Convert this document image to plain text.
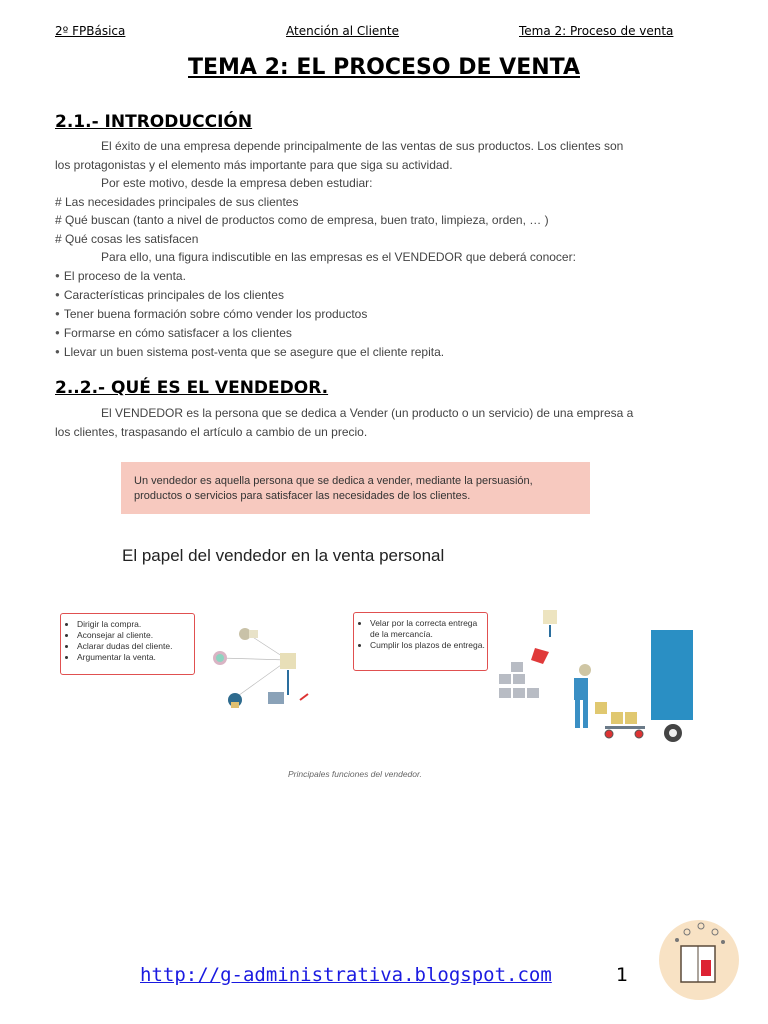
2º FPBásica	Atención al Cliente	Tema 2: Proceso de venta
TEMA 2: EL PROCESO DE VENTA
2.1.- INTRODUCCIÓN
El éxito de una empresa depende principalmente de las ventas de sus productos. Los clientes son
los protagonistas y el elemento más importante para que siga su actividad.
Por este motivo, desde la empresa deben estudiar:
# Las necesidades principales de sus clientes
# Qué buscan (tanto a nivel de productos como de empresa, buen trato, limpieza, orden, … )
# Qué cosas les satisfacen
Para ello, una figura indiscutible en las empresas es el VENDEDOR que deberá conocer:
● El proceso de la venta.
● Características principales de los clientes
● Tener buena formación sobre cómo vender los productos
● Formarse en cómo satisfacer a los clientes
● Llevar un buen sistema post-venta que se asegure que el cliente repita.
2..2.- QUÉ ES EL VENDEDOR.
El VENDEDOR es la persona que se dedica a Vender (un producto o un servicio) de una empresa a
los clientes, traspasando el artículo a cambio de un precio.
Un vendedor es aquella persona que se dedica a vender, mediante la persuasión, productos o servicios para satisfacer las necesidades de los clientes.
El papel del vendedor en la venta personal
• Dirigir la compra.
• Aconsejar al cliente.
• Aclarar dudas del cliente.
• Argumentar la venta.
• Velar por la correcta entrega de la mercancía.
• Cumplir los plazos de entrega.
Principales funciones del vendedor.
http://g-administrativa.blogspot.com	1
